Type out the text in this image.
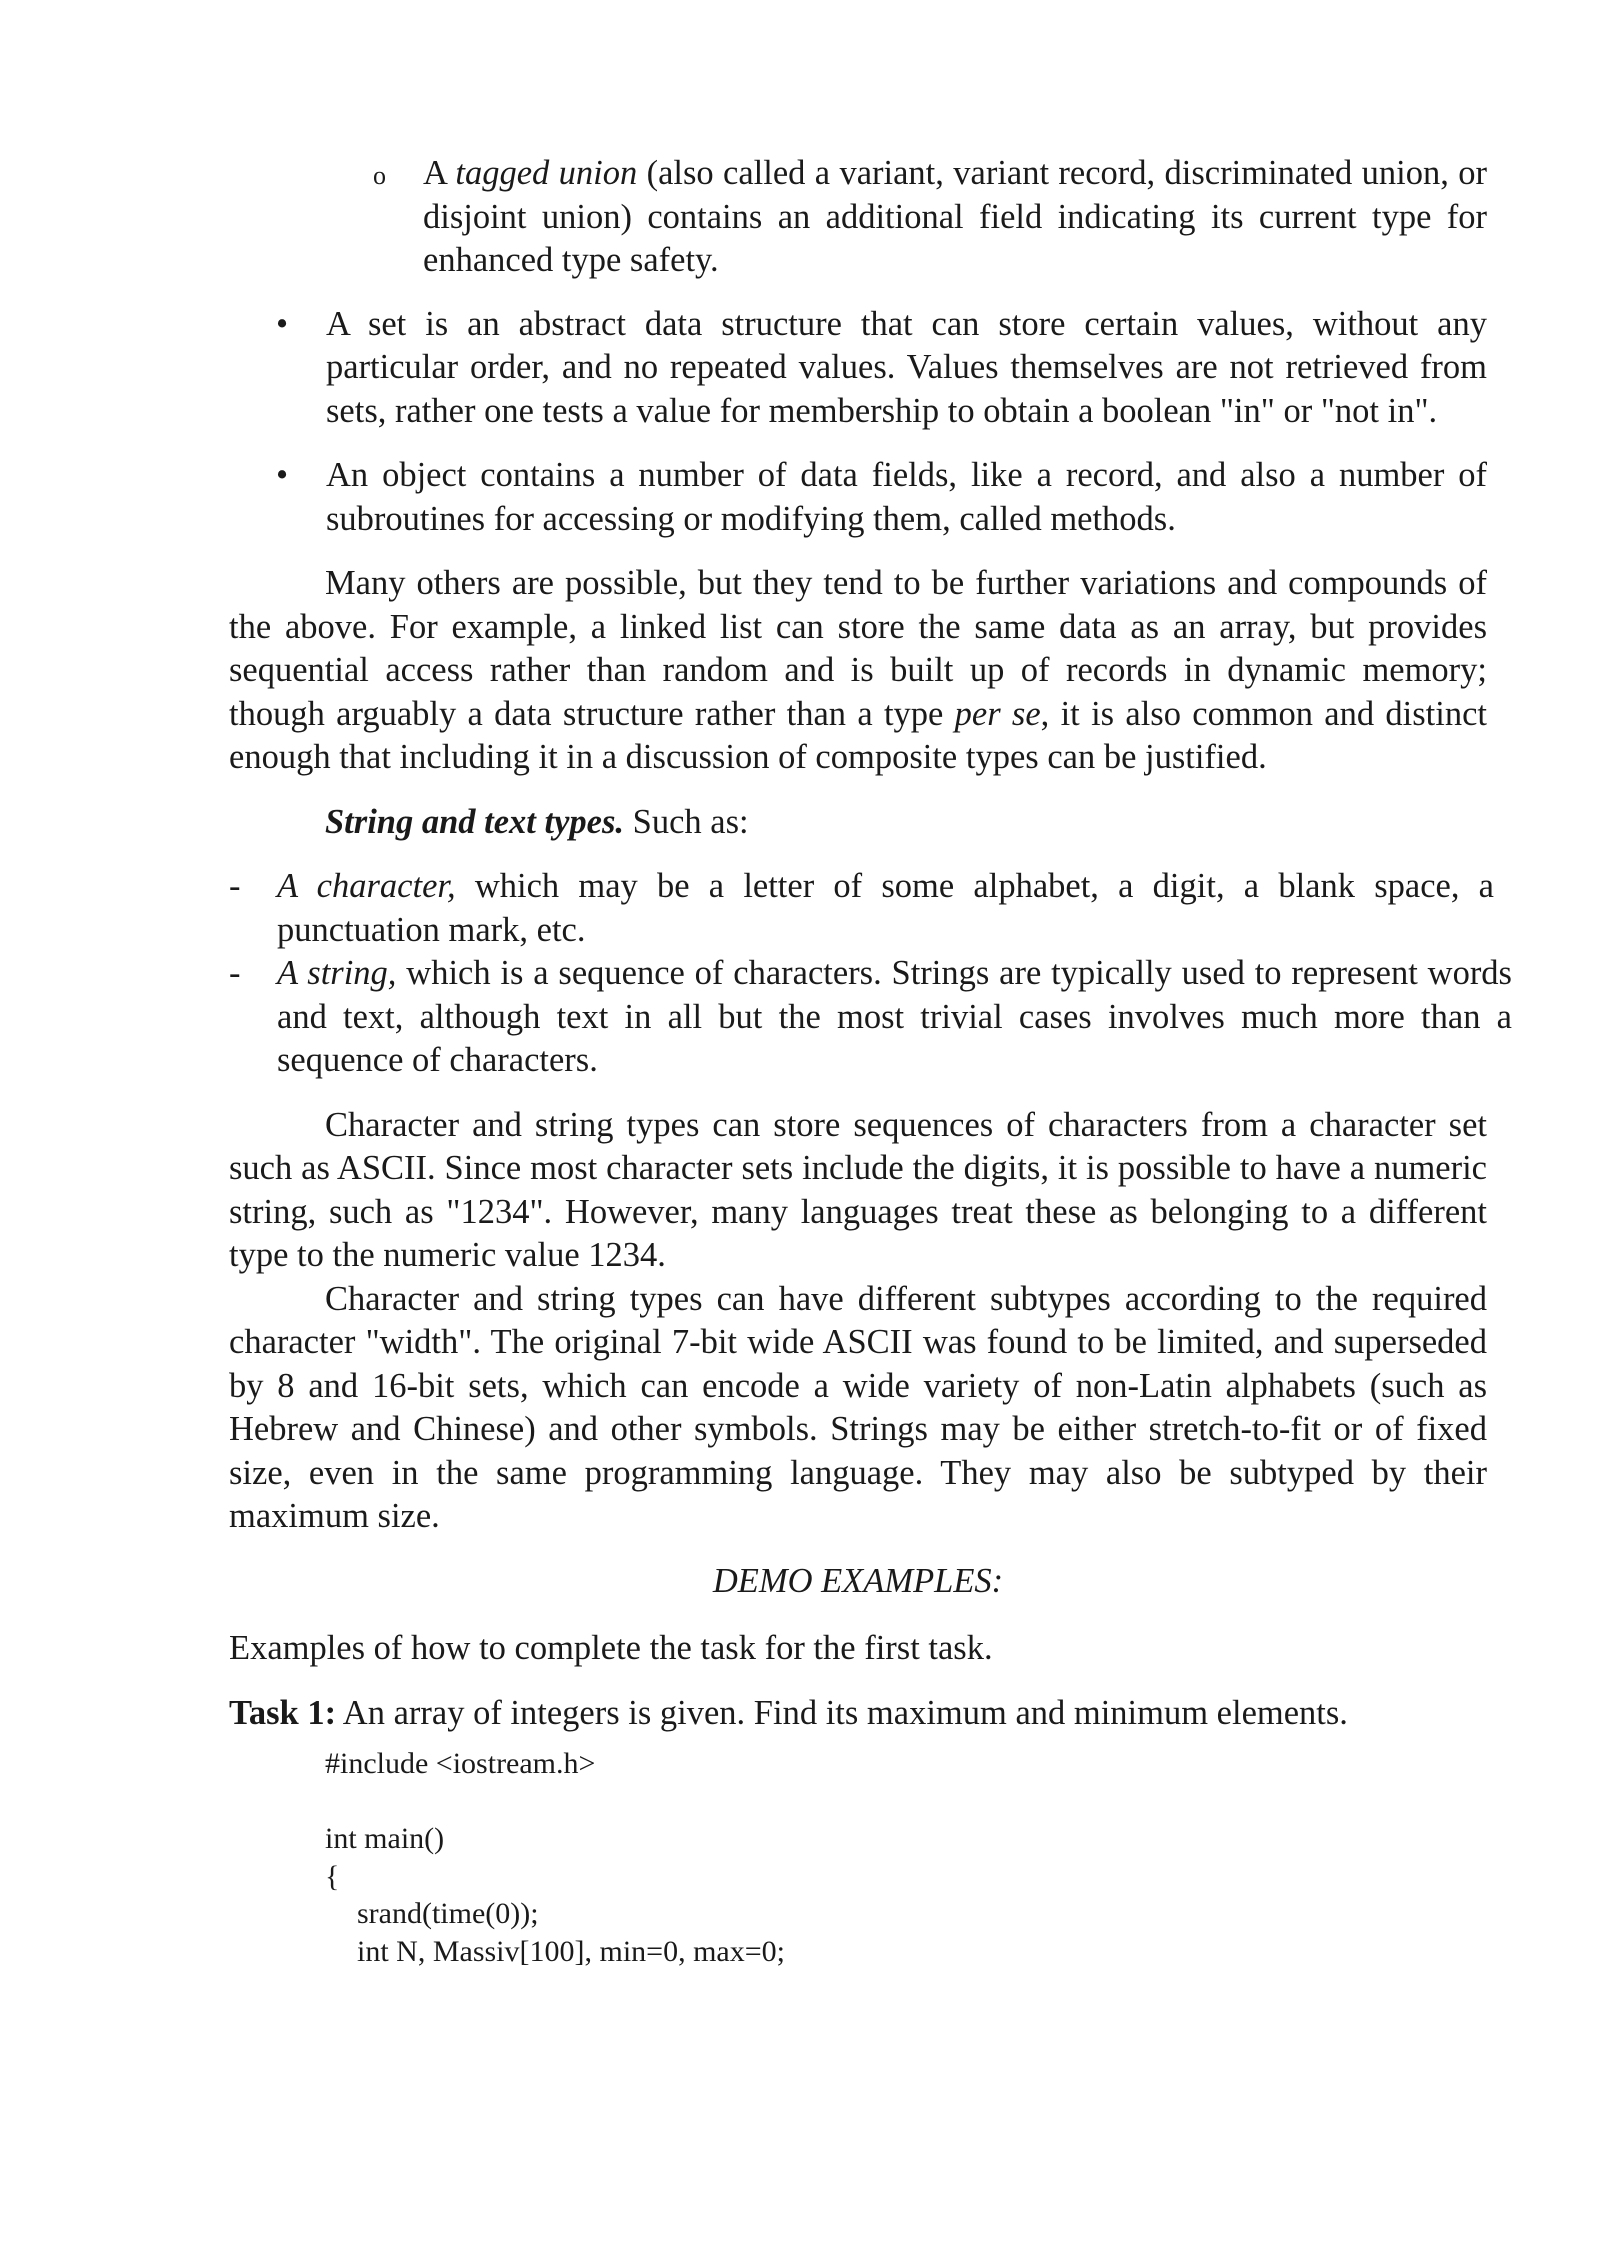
o A tagged union (also called a variant, variant record, discriminated union, or disjoint union) contains an additional field indicating its current type for enhanced type safety.

• A set is an abstract data structure that can store certain values, without any particular order, and no repeated values. Values themselves are not retrieved from sets, rather one tests a value for membership to obtain a boolean "in" or "not in".

• An object contains a number of data fields, like a record, and also a number of subroutines for accessing or modifying them, called methods.

Many others are possible, but they tend to be further variations and compounds of the above. For example, a linked list can store the same data as an array, but provides sequential access rather than random and is built up of records in dynamic memory; though arguably a data structure rather than a type per se, it is also common and distinct enough that including it in a discussion of composite types can be justified.

String and text types. Such as:

- A character, which may be a letter of some alphabet, a digit, a blank space, a punctuation mark, etc.

- A string, which is a sequence of characters. Strings are typically used to represent words and text, although text in all but the most trivial cases involves much more than a sequence of characters.

Character and string types can store sequences of characters from a character set such as ASCII. Since most character sets include the digits, it is possible to have a numeric string, such as "1234". However, many languages treat these as belonging to a different type to the numeric value 1234.

Character and string types can have different subtypes according to the required character "width". The original 7-bit wide ASCII was found to be limited, and superseded by 8 and 16-bit sets, which can encode a wide variety of non-Latin alphabets (such as Hebrew and Chinese) and other symbols. Strings may be either stretch-to-fit or of fixed size, even in the same programming language. They may also be subtyped by their maximum size.

DEMO EXAMPLES:

Examples of how to complete the task for the first task.

Task 1: An array of integers is given. Find its maximum and minimum elements.

#include <iostream.h>
int main()
{
srand(time(0));
int N, Massiv[100], min=0, max=0;
